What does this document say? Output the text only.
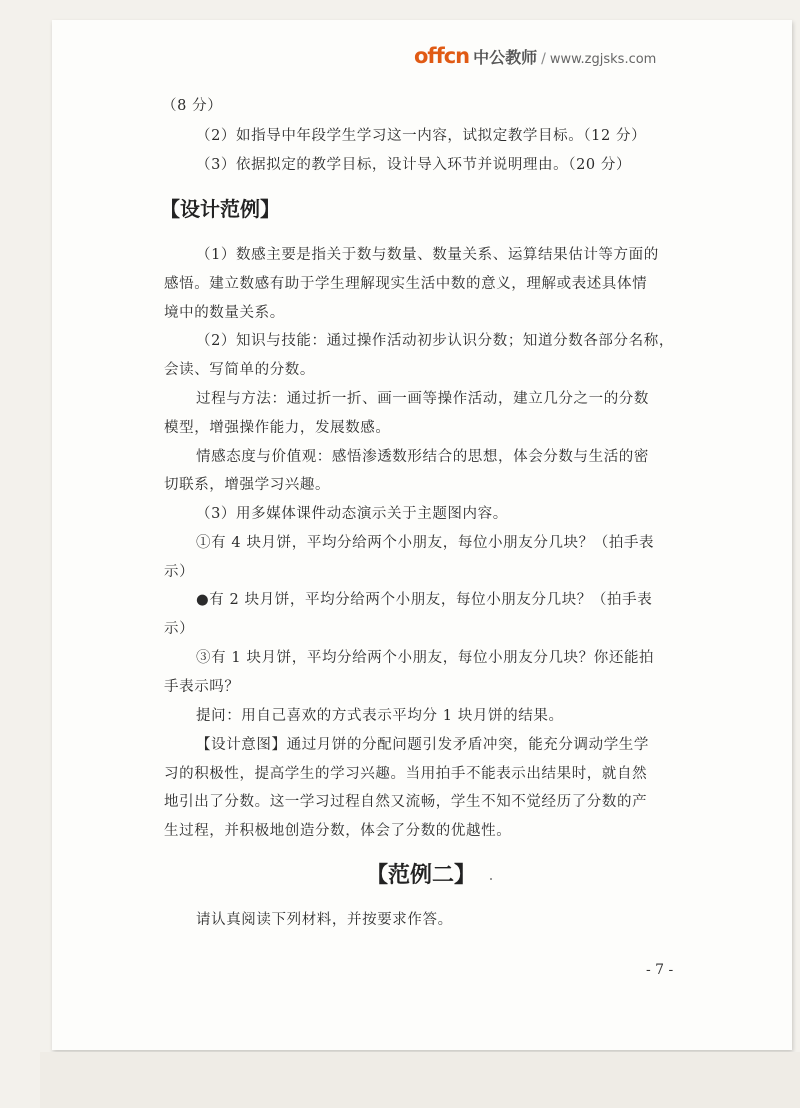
offcn 中公教师 / www.zgjsks.com
（8 分）
（2）如指导中年段学生学习这一内容，试拟定教学目标。（12 分）
（3）依据拟定的教学目标，设计导入环节并说明理由。（20 分）
【设计范例】
（1）数感主要是指关于数与数量、数量关系、运算结果估计等方面的
感悟。建立数感有助于学生理解现实生活中数的意义，理解或表述具体情
境中的数量关系。
（2）知识与技能：通过操作活动初步认识分数；知道分数各部分名称，
会读、写简单的分数。
过程与方法：通过折一折、画一画等操作活动，建立几分之一的分数
模型，增强操作能力，发展数感。
情感态度与价值观：感悟渗透数形结合的思想，体会分数与生活的密
切联系，增强学习兴趣。
（3）用多媒体课件动态演示关于主题图内容。
①有 4 块月饼，平均分给两个小朋友，每位小朋友分几块？（拍手表
示）
●有 2 块月饼，平均分给两个小朋友，每位小朋友分几块？（拍手表
示）
③有 1 块月饼，平均分给两个小朋友，每位小朋友分几块？你还能拍
手表示吗？
提问：用自己喜欢的方式表示平均分 1 块月饼的结果。
【设计意图】通过月饼的分配问题引发矛盾冲突，能充分调动学生学
习的积极性，提高学生的学习兴趣。当用拍手不能表示出结果时，就自然
地引出了分数。这一学习过程自然又流畅，学生不知不觉经历了分数的产
生过程，并积极地创造分数，体会了分数的优越性。
【范例二】
请认真阅读下列材料，并按要求作答。
- 7 -
